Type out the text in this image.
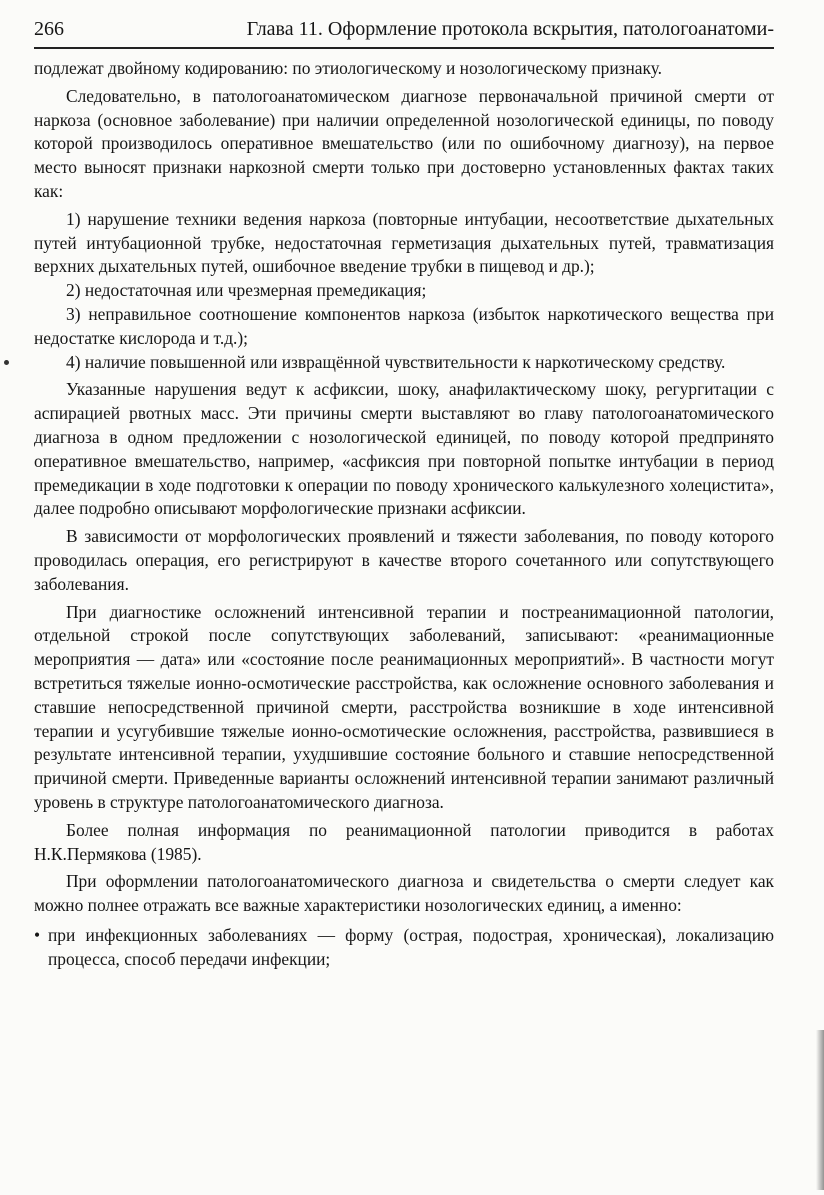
266	Глава 11. Оформление протокола вскрытия, патологоанатоми-

подлежат двойному кодированию: по этиологическому и нозологическому признаку.

Следовательно, в патологоанатомическом диагнозе первоначальной причиной смерти от наркоза (основное заболевание) при наличии определенной нозологической единицы, по поводу которой производилось оперативное вмешательство (или по ошибочному диагнозу), на первое место выносят признаки наркозной смерти только при достоверно установленных фактах таких как:

1) нарушение техники ведения наркоза (повторные интубации, несоответствие дыхательных путей интубационной трубке, недостаточная герметизация дыхательных путей, травматизация верхних дыхательных путей, ошибочное введение трубки в пищевод и др.);

2) недостаточная или чрезмерная премедикация;

3) неправильное соотношение компонентов наркоза (избыток наркотического вещества при недостатке кислорода и т.д.);

4) наличие повышенной или извращённой чувствительности к наркотическому средству.

Указанные нарушения ведут к асфиксии, шоку, анафилактическому шоку, регургитации с аспирацией рвотных масс. Эти причины смерти выставляют во главу патологоанатомического диагноза в одном предложении с нозологической единицей, по поводу которой предпринято оперативное вмешательство, например, «асфиксия при повторной попытке интубации в период премедикации в ходе подготовки к операции по поводу хронического калькулезного холецистита», далее подробно описывают морфологические признаки асфиксии.

В зависимости от морфологических проявлений и тяжести заболевания, по поводу которого проводилась операция, его регистрируют в качестве второго сочетанного или сопутствующего заболевания.

При диагностике осложнений интенсивной терапии и постреанимационной патологии, отдельной строкой после сопутствующих заболеваний, записывают: «реанимационные мероприятия — дата» или «состояние после реанимационных мероприятий». В частности могут встретиться тяжелые ионно-осмотические расстройства, как осложнение основного заболевания и ставшие непосредственной причиной смерти, расстройства возникшие в ходе интенсивной терапии и усугубившие тяжелые ионно-осмотические осложнения, расстройства, развившиеся в результате интенсивной терапии, ухудшившие состояние больного и ставшие непосредственной причиной смерти. Приведенные варианты осложнений интенсивной терапии занимают различный уровень в структуре патологоанатомического диагноза.

Более полная информация по реанимационной патологии приводится в работах Н.К.Пермякова (1985).

При оформлении патологоанатомического диагноза и свидетельства о смерти следует как можно полнее отражать все важные характеристики нозологических единиц, а именно:

• при инфекционных заболеваниях — форму (острая, подострая, хроническая), локализацию процесса, способ передачи инфекции;
